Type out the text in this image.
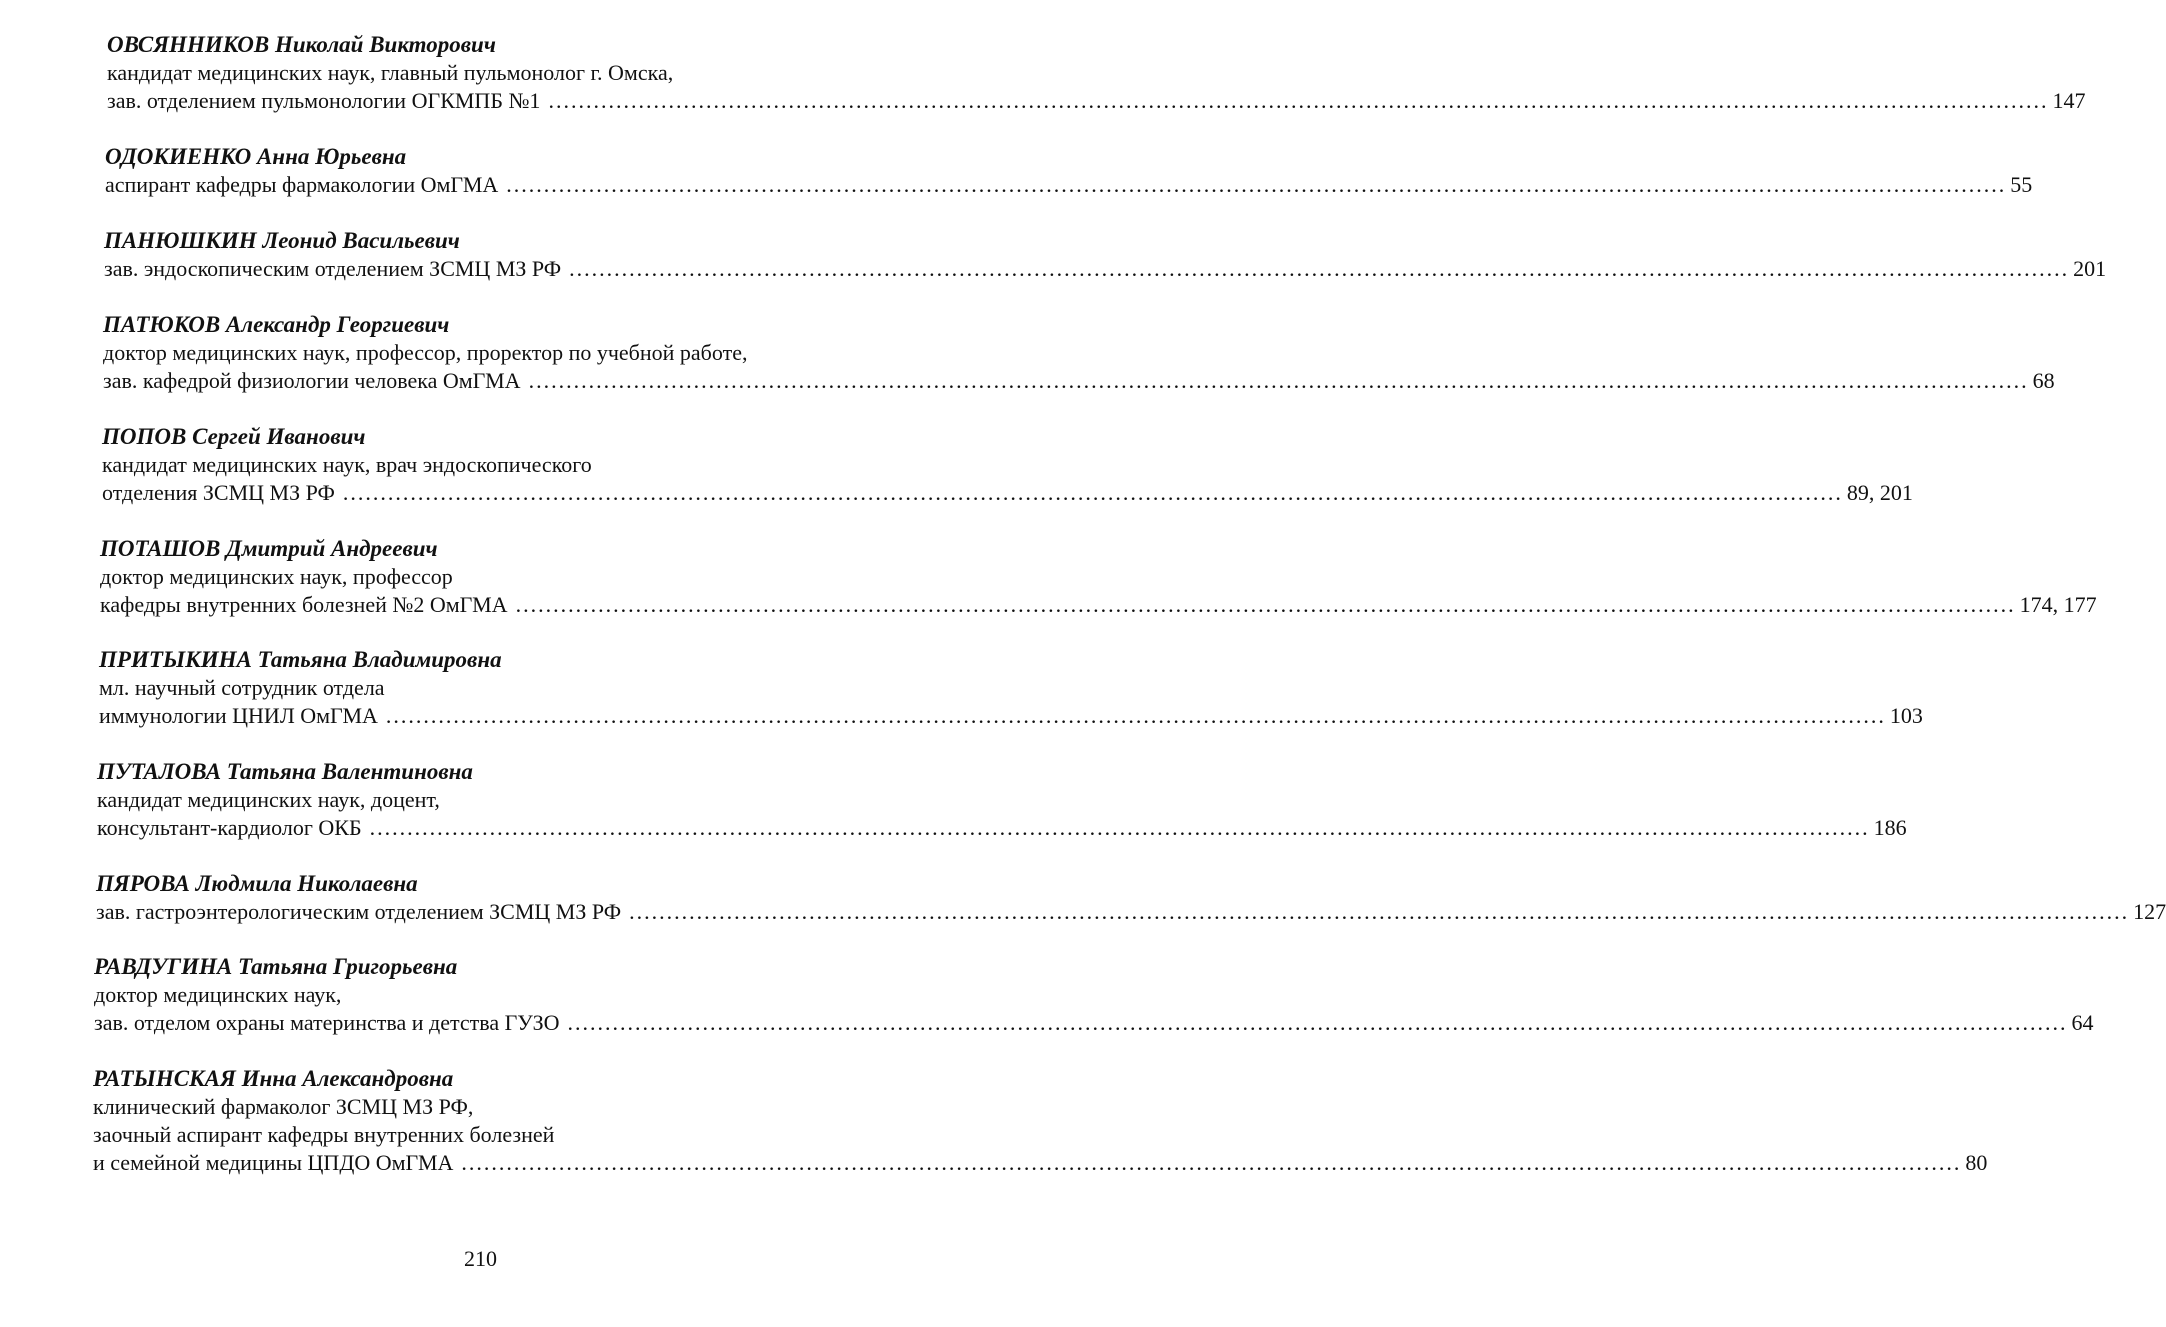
ОВСЯННИКОВ Николай Викторович
кандидат медицинских наук, главный пульмонолог г. Омска,
зав. отделением пульмонологии ОГКМПБ №1 ........................................................................................................................................................................................................ 147
ОДОКИЕНКО Анна Юрьевна
аспирант кафедры фармакологии ОмГМА ........................................................................................................................................................................................................ 55
ПАНЮШКИН Леонид Васильевич
зав. эндоскопическим отделением ЗСМЦ МЗ РФ ........................................................................................................................................................................................................ 201
ПАТЮКОВ Александр Георгиевич
доктор медицинских наук, профессор, проректор по учебной работе,
зав. кафедрой физиологии человека ОмГМА ........................................................................................................................................................................................................ 68
ПОПОВ Сергей Иванович
кандидат медицинских наук, врач эндоскопического
отделения ЗСМЦ МЗ РФ ........................................................................................................................................................................................................ 89, 201
ПОТАШОВ Дмитрий Андреевич
доктор медицинских наук, профессор
кафедры внутренних болезней №2 ОмГМА ........................................................................................................................................................................................................ 174, 177
ПРИТЫКИНА Татьяна Владимировна
мл. научный сотрудник отдела
иммунологии ЦНИЛ ОмГМА ........................................................................................................................................................................................................ 103
ПУТАЛОВА Татьяна Валентиновна
кандидат медицинских наук, доцент,
консультант-кардиолог ОКБ ........................................................................................................................................................................................................ 186
ПЯРОВА Людмила Николаевна
зав. гастроэнтерологическим отделением ЗСМЦ МЗ РФ ........................................................................................................................................................................................................ 127
РАВДУГИНА Татьяна Григорьевна
доктор медицинских наук,
зав. отделом охраны материнства и детства ГУЗО ........................................................................................................................................................................................................ 64
РАТЫНСКАЯ Инна Александровна
клинический фармаколог ЗСМЦ МЗ РФ,
заочный аспирант кафедры внутренних болезней
и семейной медицины ЦПДО ОмГМА ........................................................................................................................................................................................................ 80
210
